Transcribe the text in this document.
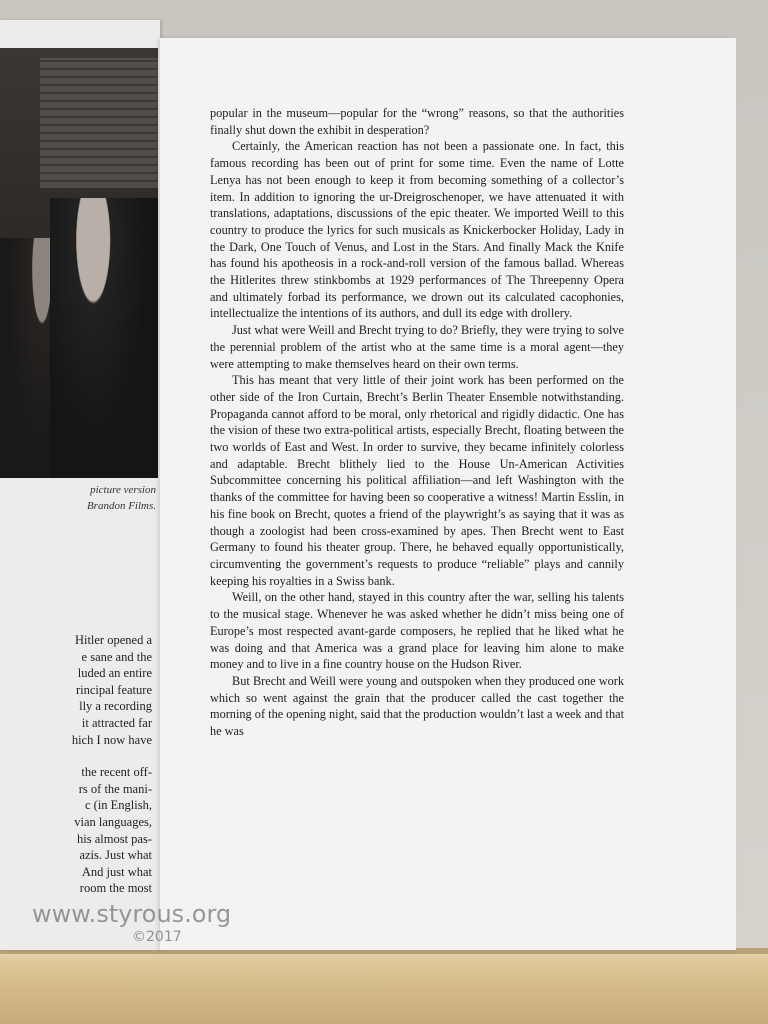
picture version
Brandon Films.
Hitler opened a
e sane and the
luded an entire
rincipal feature
lly a recording
it attracted far
hich I now have
the recent off-
rs of the mani-
c (in English,
vian languages,
his almost pas-
azis. Just what
And just what
room the most

popular in the museum—popular for the “wrong” reasons, so that the authorities finally shut down the exhibit in desperation?

Certainly, the American reaction has not been a passionate one. In fact, this famous recording has been out of print for some time. Even the name of Lotte Lenya has not been enough to keep it from becoming something of a collector’s item. In addition to ignoring the ur-Dreigroschenoper, we have attenuated it with translations, adaptations, discussions of the epic theater. We imported Weill to this country to produce the lyrics for such musicals as Knickerbocker Holiday, Lady in the Dark, One Touch of Venus, and Lost in the Stars. And finally Mack the Knife has found his apotheosis in a rock-and-roll version of the famous ballad. Whereas the Hitlerites threw stinkbombs at 1929 performances of The Threepenny Opera and ultimately forbad its performance, we drown out its calculated cacophonies, intellectualize the intentions of its authors, and dull its edge with drollery.

Just what were Weill and Brecht trying to do? Briefly, they were trying to solve the perennial problem of the artist who at the same time is a moral agent—they were attempting to make themselves heard on their own terms.

This has meant that very little of their joint work has been performed on the other side of the Iron Curtain, Brecht’s Berlin Theater Ensemble notwithstanding. Propaganda cannot afford to be moral, only rhetorical and rigidly didactic. One has the vision of these two extra-political artists, especially Brecht, floating between the two worlds of East and West. In order to survive, they became infinitely colorless and adaptable. Brecht blithely lied to the House Un-American Activities Subcommittee concerning his political affiliation—and left Washington with the thanks of the committee for having been so cooperative a witness! Martin Esslin, in his fine book on Brecht, quotes a friend of the playwright’s as saying that it was as though a zoologist had been cross-examined by apes. Then Brecht went to East Germany to found his theater group. There, he behaved equally opportunistically, circumventing the government’s requests to produce “reliable” plays and cannily keeping his royalties in a Swiss bank.

Weill, on the other hand, stayed in this country after the war, selling his talents to the musical stage. Whenever he was asked whether he didn’t miss being one of Europe’s most respected avant-garde composers, he replied that he liked what he was doing and that America was a grand place for leaving him alone to make money and to live in a fine country house on the Hudson River.

But Brecht and Weill were young and outspoken when they produced one work which so went against the grain that the producer called the cast together the morning of the opening night, said that the production wouldn’t last a week and that he was

www.styrous.org
©2017
